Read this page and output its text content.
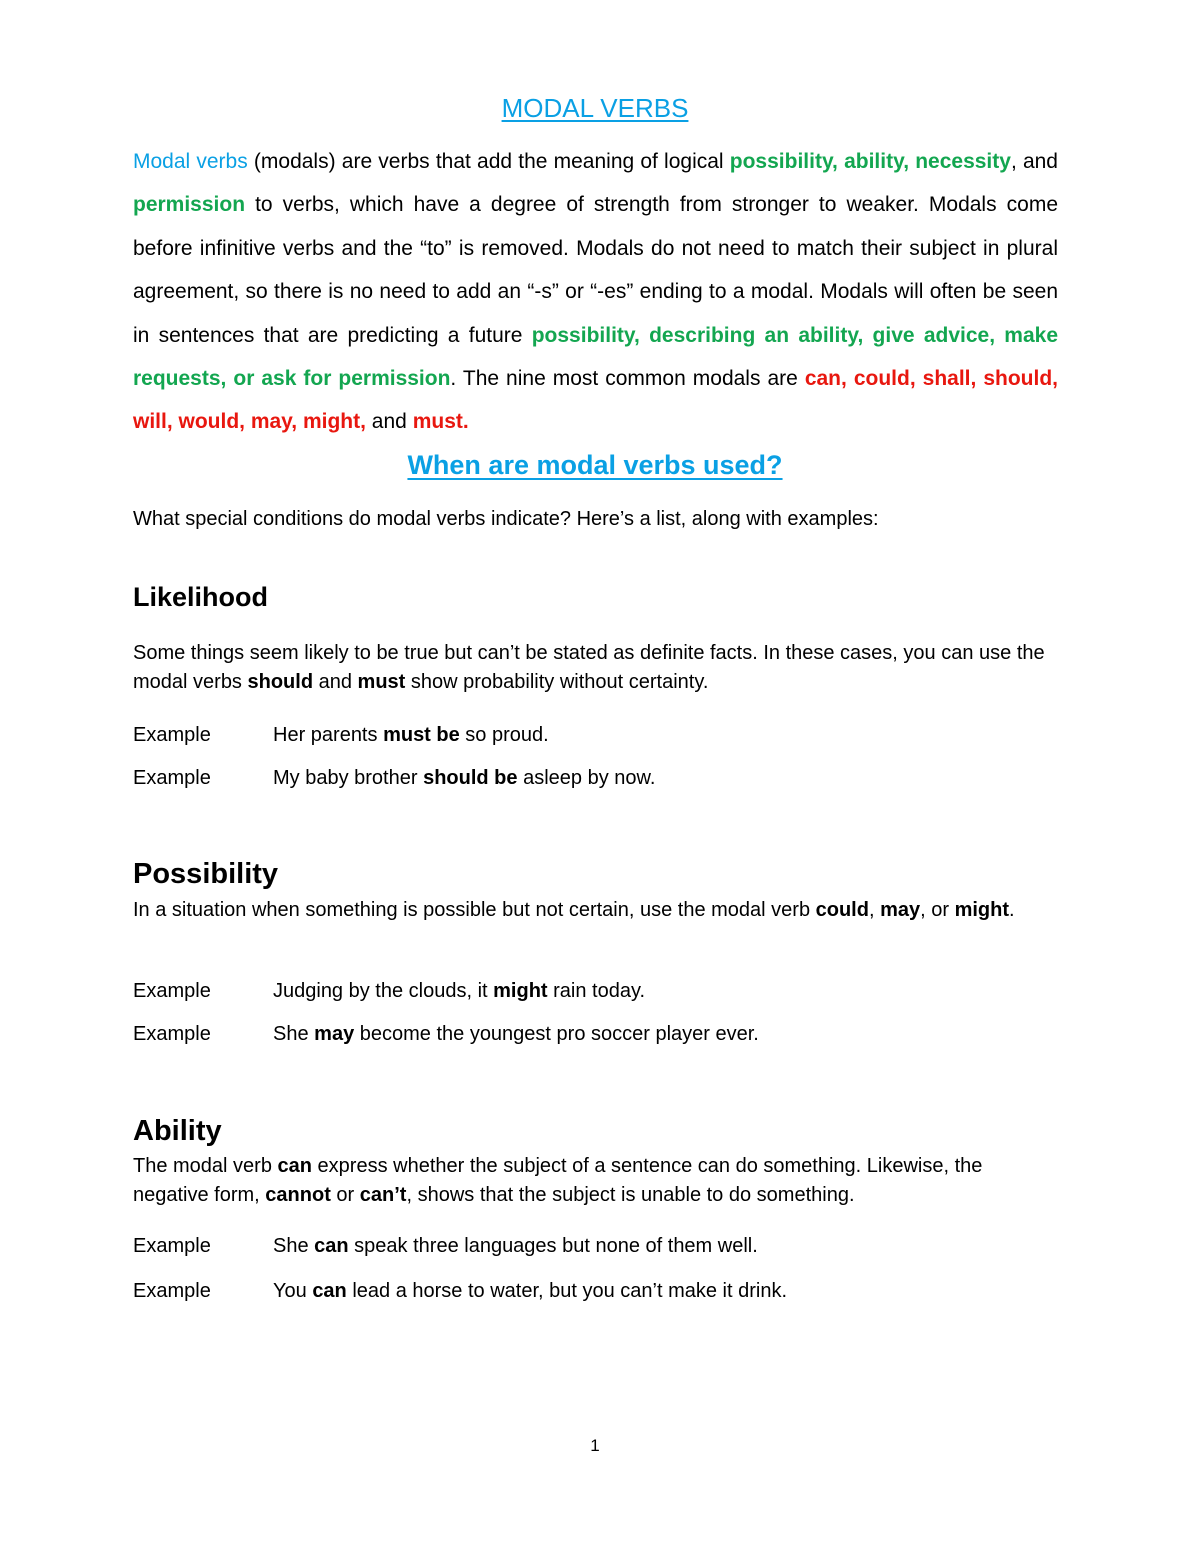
MODAL VERBS

Modal verbs (modals) are verbs that add the meaning of logical possibility, ability, necessity, and permission to verbs, which have a degree of strength from stronger to weaker. Modals come before infinitive verbs and the “to” is removed. Modals do not need to match their subject in plural agreement, so there is no need to add an “-s” or “-es” ending to a modal. Modals will often be seen in sentences that are predicting a future possibility, describing an ability, give advice, make requests, or ask for permission. The nine most common modals are can, could, shall, should, will, would, may, might, and must.

When are modal verbs used?
What special conditions do modal verbs indicate? Here’s a list, along with examples:
Likelihood
Some things seem likely to be true but can’t be stated as definite facts. In these cases, you can use the modal verbs should and must show probability without certainty.
Example	Her parents must be so proud.
Example	My baby brother should be asleep by now.
Possibility
In a situation when something is possible but not certain, use the modal verb could, may, or might.
Example	Judging by the clouds, it might rain today.
Example	She may become the youngest pro soccer player ever.
Ability
The modal verb can express whether the subject of a sentence can do something. Likewise, the negative form, cannot or can’t, shows that the subject is unable to do something.
Example	She can speak three languages but none of them well.
Example	You can lead a horse to water, but you can’t make it drink.
1
